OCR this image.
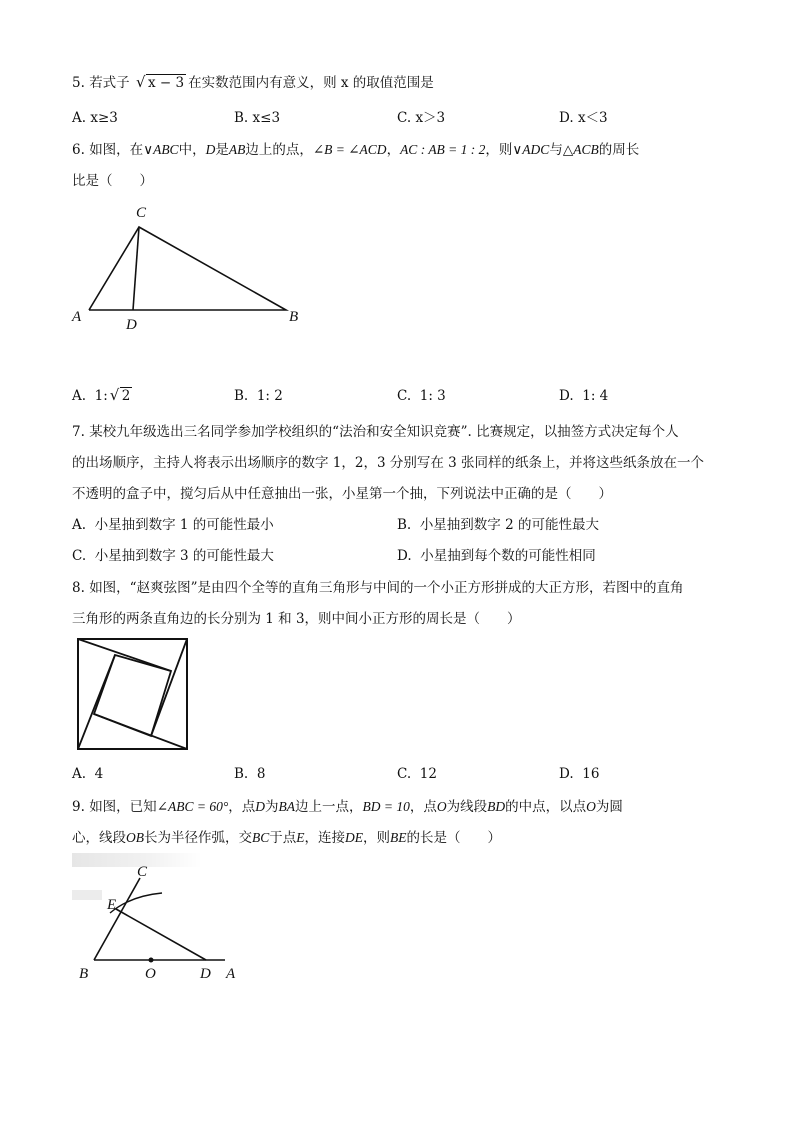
5. 若式子 √ x − 3 在实数范围内有意义，则 x 的取值范围是
A. x≥3	B. x≤3	C. x＞3	D. x＜3
6. 如图，在∨ABC中，D是AB边上的点，∠B = ∠ACD，AC : AB = 1 : 2，则∨ADC与△ACB的周长
比是（　　）
C
A	D	B
A. 1: √ 2	B. 1: 2	C. 1: 3	D. 1: 4
7. 某校九年级选出三名同学参加学校组织的“法治和安全知识竞赛”. 比赛规定，以抽签方式决定每个人
的出场顺序，主持人将表示出场顺序的数字 1，2，3 分别写在 3 张同样的纸条上，并将这些纸条放在一个
不透明的盒子中，搅匀后从中任意抽出一张，小星第一个抽，下列说法中正确的是（　　）
A. 小星抽到数字 1 的可能性最小	B. 小星抽到数字 2 的可能性最大
C. 小星抽到数字 3 的可能性最大	D. 小星抽到每个数的可能性相同
8. 如图，“赵爽弦图”是由四个全等的直角三角形与中间的一个小正方形拼成的大正方形，若图中的直角
三角形的两条直角边的长分别为 1 和 3，则中间小正方形的周长是（　　）
A. 4	B. 8	C. 12	D. 16
9. 如图，已知∠ABC = 60°，点D为BA边上一点，BD = 10，点O为线段BD的中点，以点O为圆
心，线段OB长为半径作弧，交BC于点E，连接DE，则BE的长是（　　）
C
E
B	O	D A
